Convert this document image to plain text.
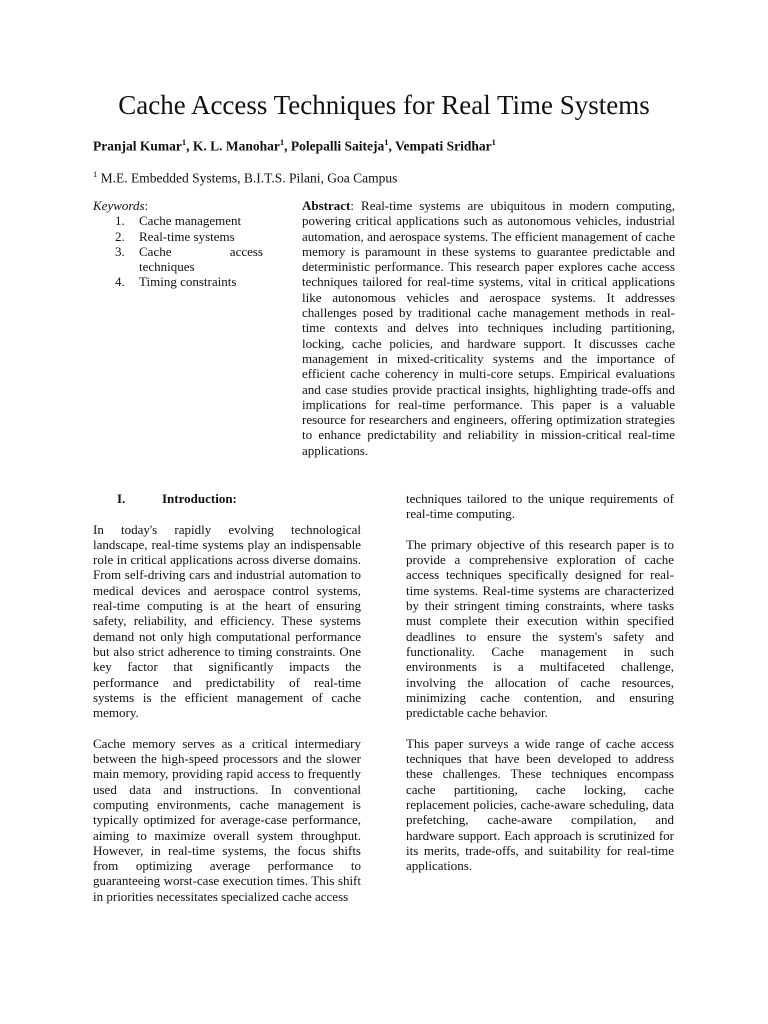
Cache Access Techniques for Real Time Systems
Pranjal Kumar$^1$, K. L. Manohar$^1$, Polepalli Saiteja$^1$, Vempati Sridhar$^1$
$^1$ M.E. Embedded Systems, B.I.T.S. Pilani, Goa Campus
Keywords:
1. Cache management
2. Real-time systems
3. Cache access techniques
4. Timing constraints

Abstract: Real-time systems are ubiquitous in modern computing, powering critical applications such as autonomous vehicles, industrial automation, and aerospace systems. The efficient management of cache memory is paramount in these systems to guarantee predictable and deterministic performance. This research paper explores cache access techniques tailored for real-time systems, vital in critical applications like autonomous vehicles and aerospace systems. It addresses challenges posed by traditional cache management methods in real-time contexts and delves into techniques including partitioning, locking, cache policies, and hardware support. It discusses cache management in mixed-criticality systems and the importance of efficient cache coherency in multi-core setups. Empirical evaluations and case studies provide practical insights, highlighting trade-offs and implications for real-time performance. This paper is a valuable resource for researchers and engineers, offering optimization strategies to enhance predictability and reliability in mission-critical real-time applications.

I.	Introduction:

In today's rapidly evolving technological landscape, real-time systems play an indispensable role in critical applications across diverse domains. From self-driving cars and industrial automation to medical devices and aerospace control systems, real-time computing is at the heart of ensuring safety, reliability, and efficiency. These systems demand not only high computational performance but also strict adherence to timing constraints. One key factor that significantly impacts the performance and predictability of real-time systems is the efficient management of cache memory.

Cache memory serves as a critical intermediary between the high-speed processors and the slower main memory, providing rapid access to frequently used data and instructions. In conventional computing environments, cache management is typically optimized for average-case performance, aiming to maximize overall system throughput. However, in real-time systems, the focus shifts from optimizing average performance to guaranteeing worst-case execution times. This shift in priorities necessitates specialized cache access

techniques tailored to the unique requirements of real-time computing.

The primary objective of this research paper is to provide a comprehensive exploration of cache access techniques specifically designed for real-time systems. Real-time systems are characterized by their stringent timing constraints, where tasks must complete their execution within specified deadlines to ensure the system's safety and functionality. Cache management in such environments is a multifaceted challenge, involving the allocation of cache resources, minimizing cache contention, and ensuring predictable cache behavior.

This paper surveys a wide range of cache access techniques that have been developed to address these challenges. These techniques encompass cache partitioning, cache locking, cache replacement policies, cache-aware scheduling, data prefetching, cache-aware compilation, and hardware support. Each approach is scrutinized for its merits, trade-offs, and suitability for real-time applications.
